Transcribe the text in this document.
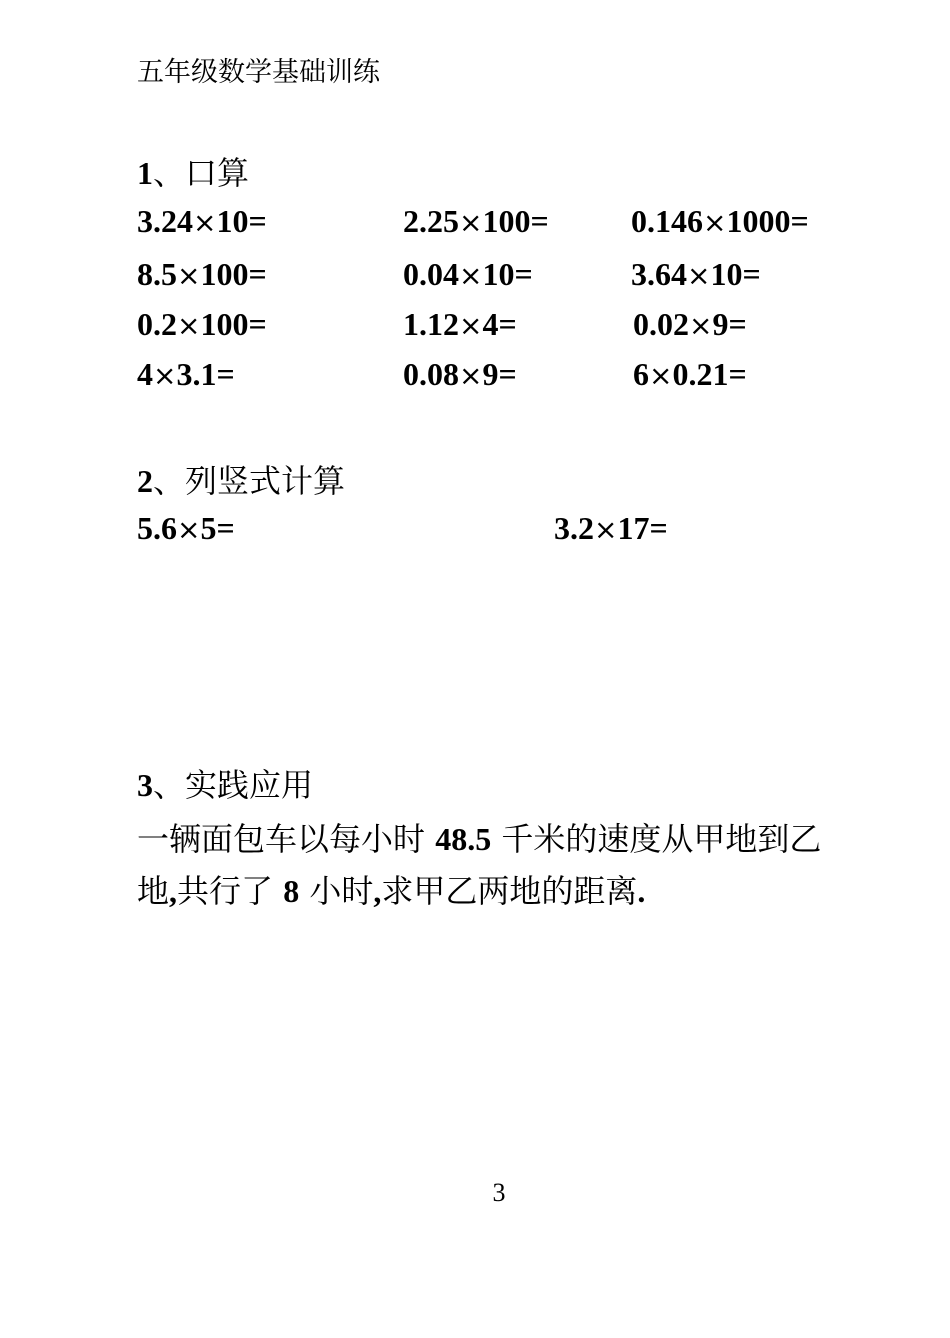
五年级数学基础训练
1、口算
3.24×10=	2.25×100=	0.146×1000=
8.5×100=	0.04×10=	3.64×10=
0.2×100=	1.12×4=	0.02×9=
4×3.1=	0.08×9=	6×0.21=
2、列竖式计算
5.6×5=	3.2×17=
3、实践应用
一辆面包车以每小时 48.5 千米的速度从甲地到乙
地,共行了 8 小时,求甲乙两地的距离.
3
